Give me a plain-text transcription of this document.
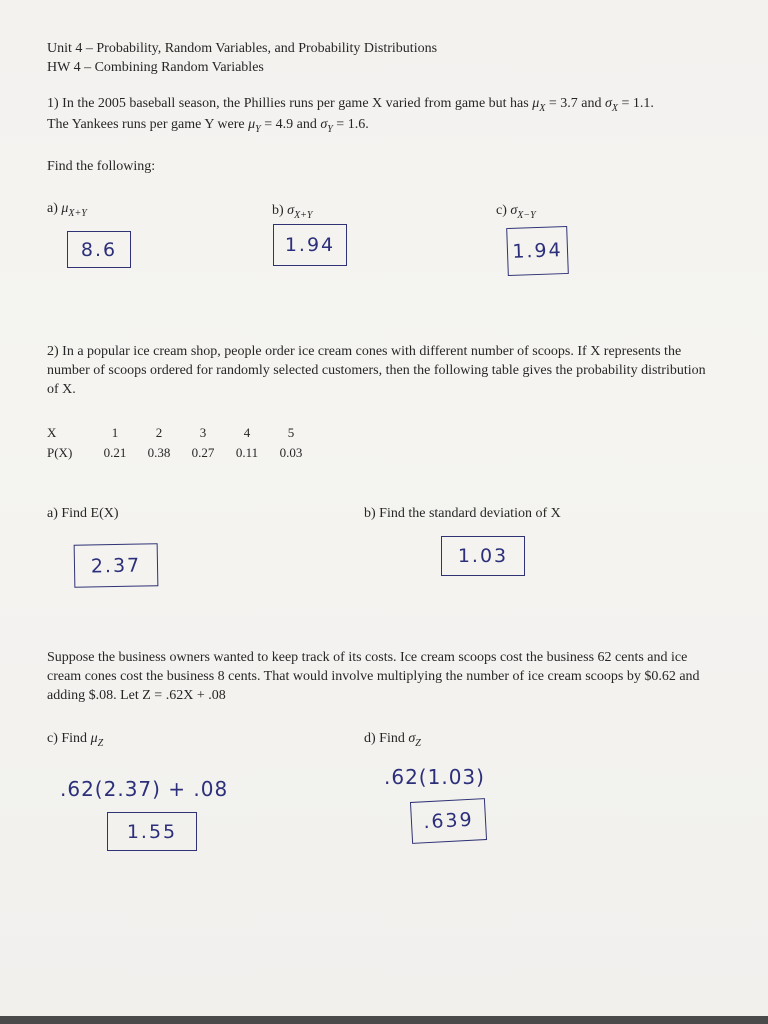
Unit 4 – Probability, Random Variables, and Probability Distributions
HW 4 – Combining Random Variables
1) In the 2005 baseball season, the Phillies runs per game X varied from game but has $\mu_X = 3.7$ and $\sigma_X = 1.1$.
The Yankees runs per game Y were $\mu_Y = 4.9$ and $\sigma_Y = 1.6$.
Find the following:
a) $\mu_{X+Y}$	b) $\sigma_{X+Y}$	c) $\sigma_{X-Y}$
8.6	1.94	1.94
2) In a popular ice cream shop, people order ice cream cones with different number of scoops. If X represents the number of scoops ordered for randomly selected customers, then the following table gives the probability distribution of X.
X	1	2	3	4	5
P(X)	0.21	0.38	0.27	0.11	0.03
a) Find E(X)	b) Find the standard deviation of X
2.37	1.03
Suppose the business owners wanted to keep track of its costs. Ice cream scoops cost the business 62 cents and ice cream cones cost the business 8 cents. That would involve multiplying the number of ice cream scoops by $0.62 and adding $.08. Let Z = .62X + .08
c) Find $\mu_Z$	d) Find $\sigma_Z$
.62(2.37) + .08	.62(1.03)
1.55	.639
